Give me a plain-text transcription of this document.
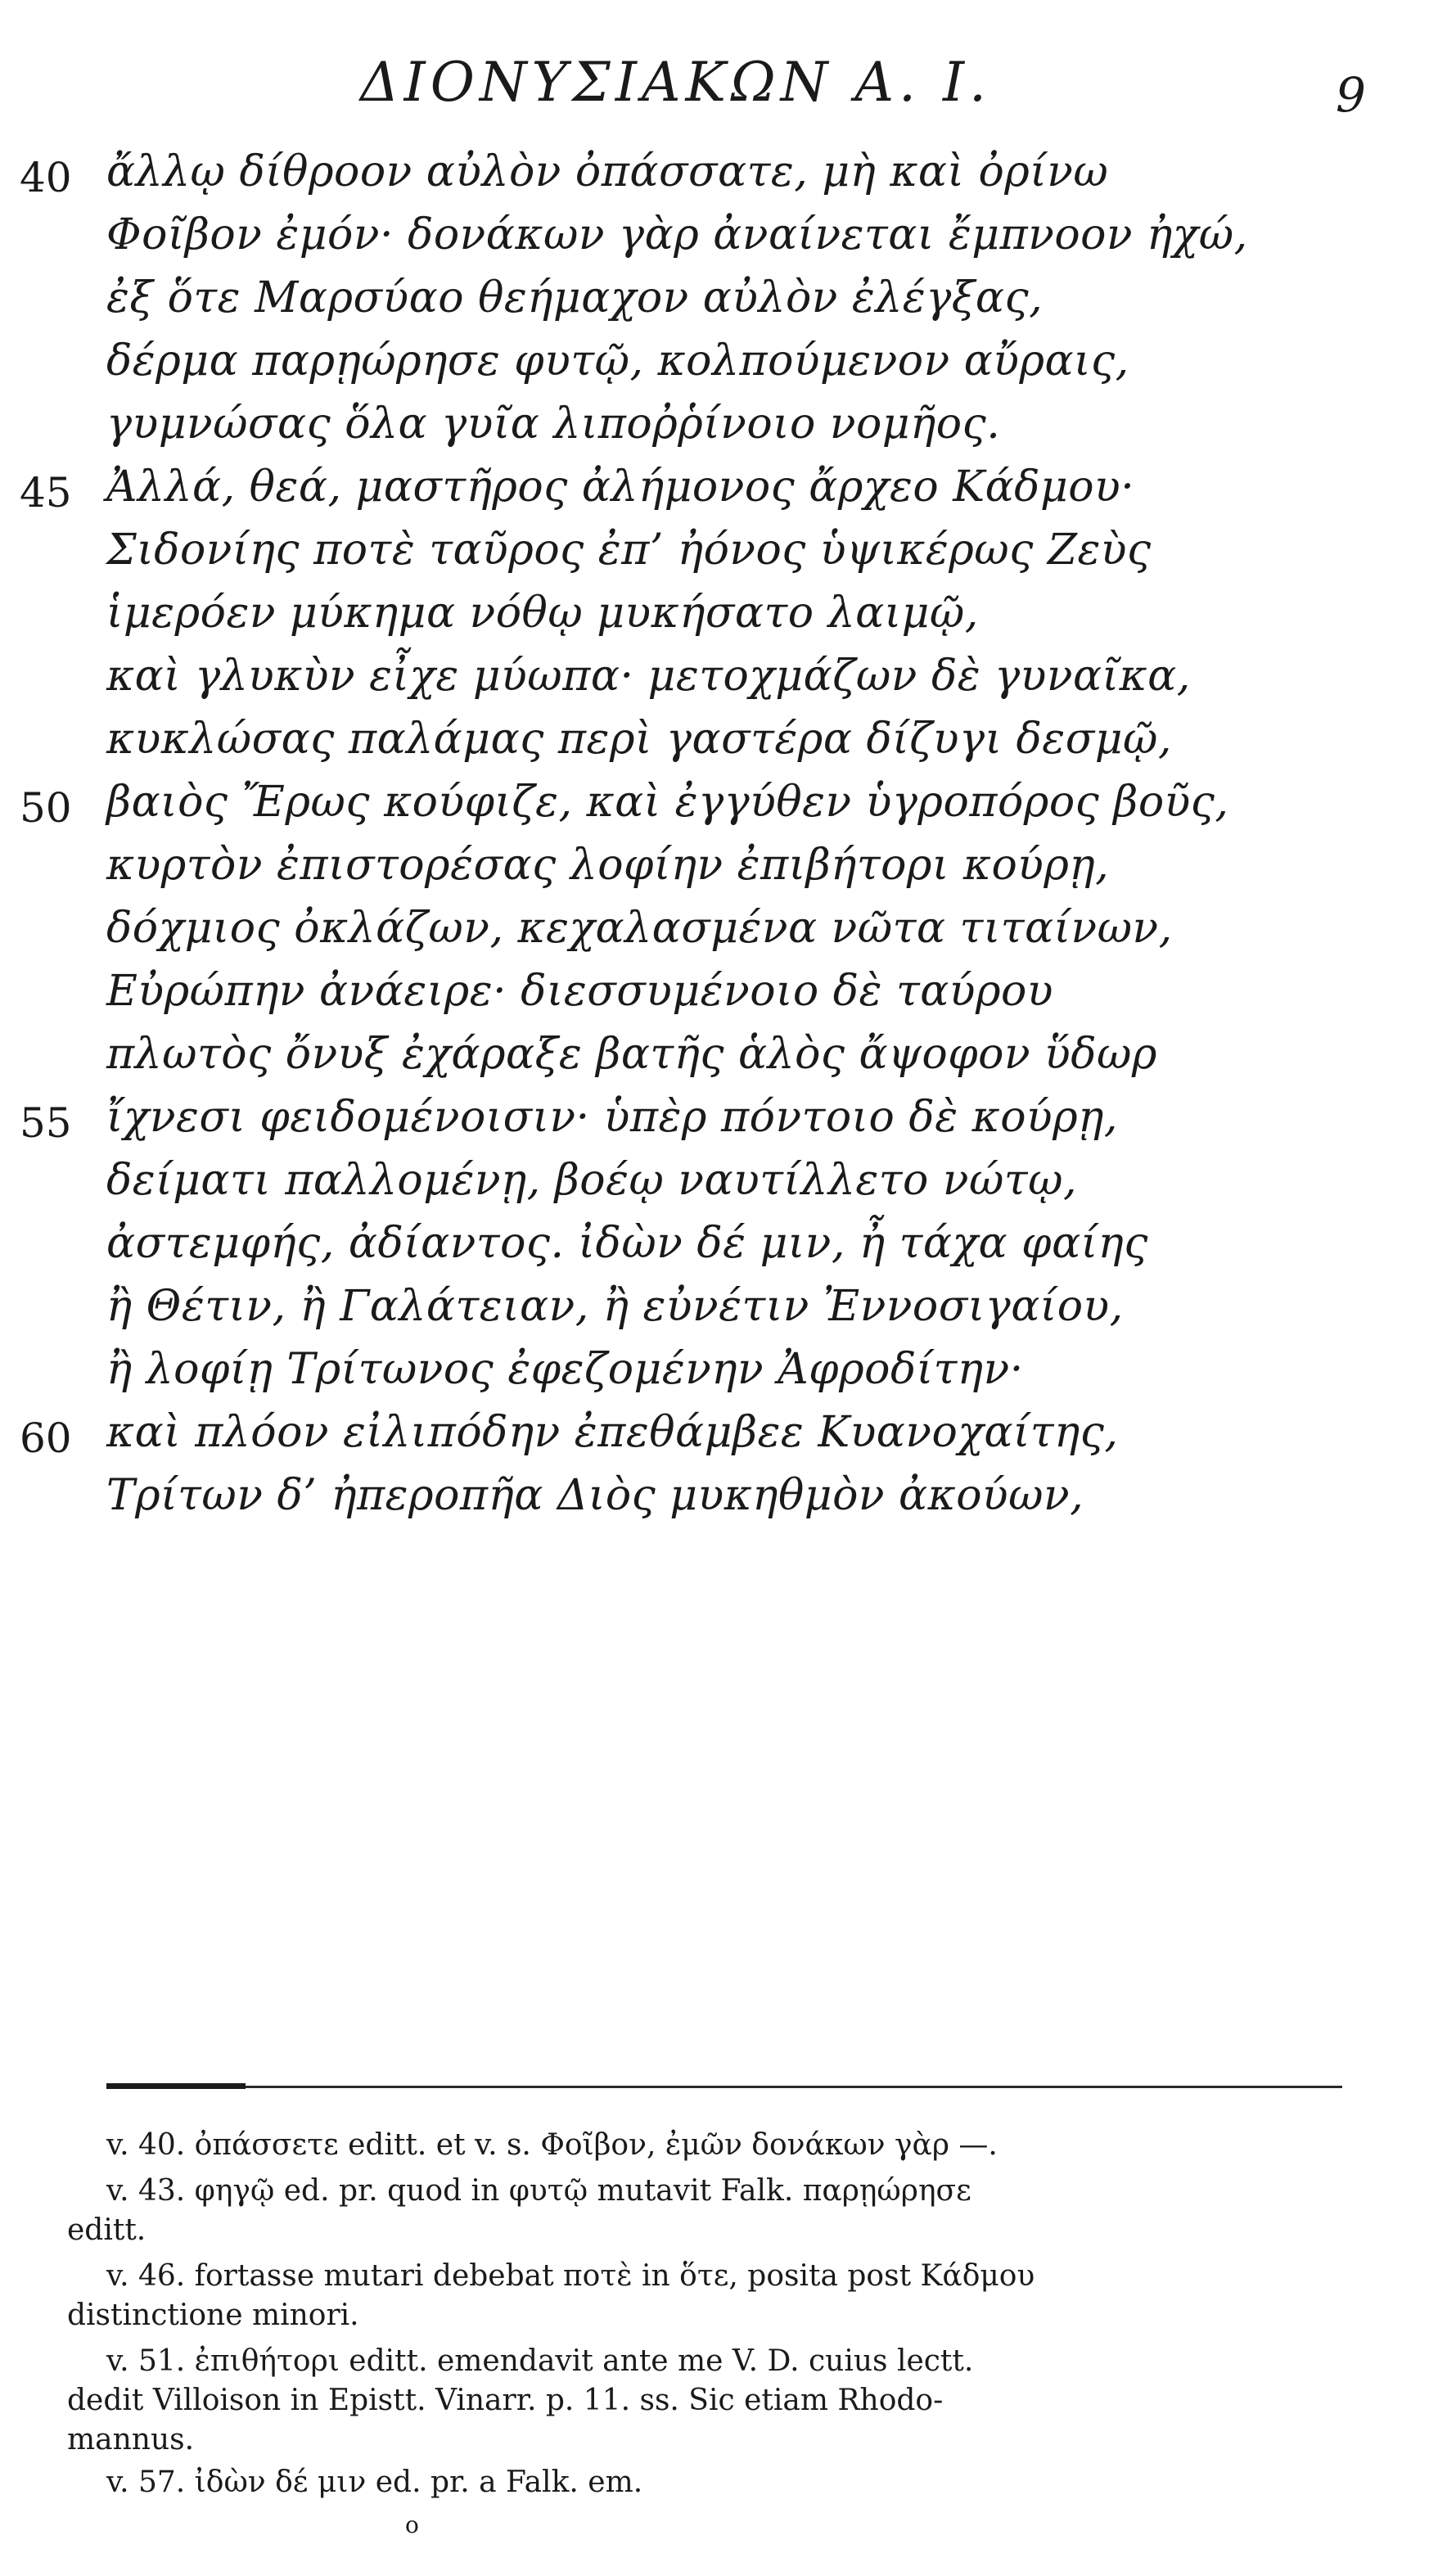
ΔΙΟΝΥΣΙΑΚΩΝ Α. Ι.	9
40 ἄλλῳ δίθροον αὐλὸν ὀπάσσατε, μὴ καὶ ὀρίνω
Φοῖβον ἐμόν· δονάκων γὰρ ἀναίνεται ἔμπνοον ἠχώ,
ἐξ ὅτε Μαρσύαο θεήμαχον αὐλὸν ἐλέγξας,
δέρμα παρῃώρησε φυτῷ, κολπούμενον αὔραις,
γυμνώσας ὅλα γυῖα λιποῤῥίνοιο νομῆος.
45 Ἀλλά, θεά, μαστῆρος ἀλήμονος ἄρχεο Κάδμου·
Σιδονίης ποτὲ ταῦρος ἐπ’ ἠόνος ὑψικέρως Ζεὺς
ἱμερόεν μύκημα νόθῳ μυκήσατο λαιμῷ,
καὶ γλυκὺν εἶχε μύωπα· μετοχμάζων δὲ γυναῖκα,
κυκλώσας παλάμας περὶ γαστέρα δίζυγι δεσμῷ,
50 βαιὸς Ἔρως κούφιζε, καὶ ἐγγύθεν ὑγροπόρος βοῦς,
κυρτὸν ἐπιστορέσας λοφίην ἐπιβήτορι κούρῃ,
δόχμιος ὀκλάζων, κεχαλασμένα νῶτα τιταίνων,
Εὐρώπην ἀνάειρε· διεσσυμένοιο δὲ ταύρου
πλωτὸς ὄνυξ ἐχάραξε βατῆς ἁλὸς ἄψοφον ὕδωρ
55 ἴχνεσι φειδομένοισιν· ὑπὲρ πόντοιο δὲ κούρῃ,
δείματι παλλομένῃ, βοέῳ ναυτίλλετο νώτῳ,
ἀστεμφής, ἀδίαντος. ἰδὼν δέ μιν, ἦ τάχα φαίης
ἢ Θέτιν, ἢ Γαλάτειαν, ἢ εὐνέτιν Ἐννοσιγαίου,
ἢ λοφίῃ Τρίτωνος ἐφεζομένην Ἀφροδίτην·
60 καὶ πλόον εἰλιπόδην ἐπεθάμβεε Κυανοχαίτης,
Τρίτων δ’ ἠπεροπῆα Διὸς μυκηθμὸν ἀκούων,
v. 40. ὀπάσσετε editt. et v. s. Φοῖβον, ἐμῶν δονάκων γὰρ —.
v. 43. φηγῷ ed. pr. quod in φυτῷ mutavit Falk. παρῃώρησε
editt.
v. 46. fortasse mutari debebat ποτὲ in ὅτε, posita post Κάδμου
distinctione minori.
v. 51. ἐπιθήτορι editt. emendavit ante me V. D. cuius lectt.
dedit Villoison in Epistt. Vinarr. p. 11. ss. Sic etiam Rhodo-
mannus.
v. 57. ἰδὼν δέ μιν ed. pr. a Falk. em.
o
